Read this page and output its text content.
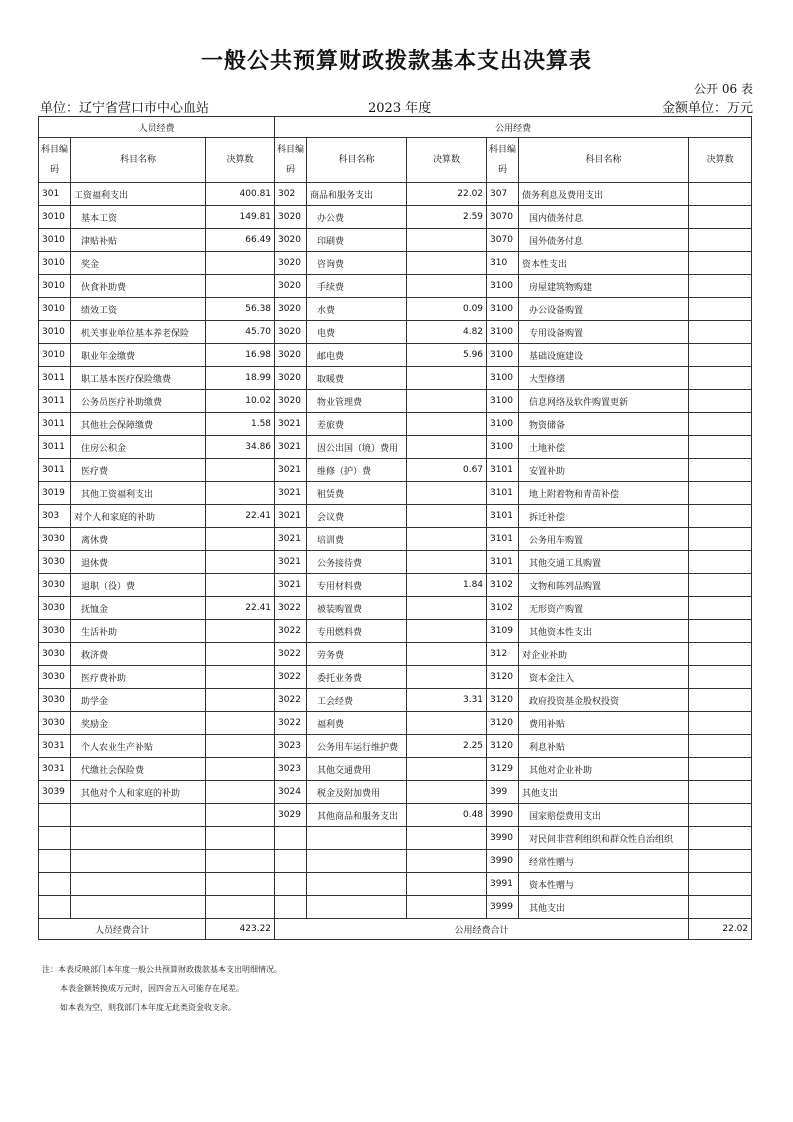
一般公共预算财政拨款基本支出决算表
公开 06 表
单位：辽宁省营口市中心血站	2023 年度	金额单位：万元
人员经费			公用经费					
科目编码	科目名称	决算数	科目编码	科目名称	决算数	科目编码	科目名称	决算数
301	工资福利支出	400.81	302	商品和服务支出	22.02	307	债务利息及费用支出	
3010	基本工资	149.81	3020	办公费	2.59	3070	国内债务付息	
3010	津贴补贴	66.49	3020	印刷费		3070	国外债务付息	
3010	奖金		3020	咨询费		310	资本性支出	
3010	伙食补助费		3020	手续费		3100	房屋建筑物购建	
3010	绩效工资	56.38	3020	水费	0.09	3100	办公设备购置	
3010	机关事业单位基本养老保险	45.70	3020	电费	4.82	3100	专用设备购置	
3010	职业年金缴费	16.98	3020	邮电费	5.96	3100	基础设施建设	
3011	职工基本医疗保险缴费	18.99	3020	取暖费		3100	大型修缮	
3011	公务员医疗补助缴费	10.02	3020	物业管理费		3100	信息网络及软件购置更新	
3011	其他社会保障缴费	1.58	3021	差旅费		3100	物资储备	
3011	住房公积金	34.86	3021	因公出国（境）费用		3100	土地补偿	
3011	医疗费		3021	维修（护）费	0.67	3101	安置补助	
3019	其他工资福利支出		3021	租赁费		3101	地上附着物和青苗补偿	
303	对个人和家庭的补助	22.41	3021	会议费		3101	拆迁补偿	
3030	离休费		3021	培训费		3101	公务用车购置	
3030	退休费		3021	公务接待费		3101	其他交通工具购置	
3030	退职（役）费		3021	专用材料费	1.84	3102	文物和陈列品购置	
3030	抚恤金	22.41	3022	被装购置费		3102	无形资产购置	
3030	生活补助		3022	专用燃料费		3109	其他资本性支出	
3030	救济费		3022	劳务费		312	对企业补助	
3030	医疗费补助		3022	委托业务费		3120	资本金注入	
3030	助学金		3022	工会经费	3.31	3120	政府投资基金股权投资	
3030	奖励金		3022	福利费		3120	费用补贴	
3031	个人农业生产补贴		3023	公务用车运行维护费	2.25	3120	利息补贴	
3031	代缴社会保险费		3023	其他交通费用		3129	其他对企业补助	
3039	其他对个人和家庭的补助		3024	税金及附加费用		399	其他支出	
			3029	其他商品和服务支出	0.48	3990	国家赔偿费用支出	
						3990	对民间非营利组织和群众性自治组织	
						3990	经常性赠与	
						3991	资本性赠与	
						3999	其他支出	
人员经费合计		423.22	公用经费合计					22.02
注：本表反映部门本年度一般公共预算财政拨款基本支出明细情况。
本表金额转换成万元时，因四舍五入可能存在尾差。
如本表为空，则我部门本年度无此类资金收支余。
